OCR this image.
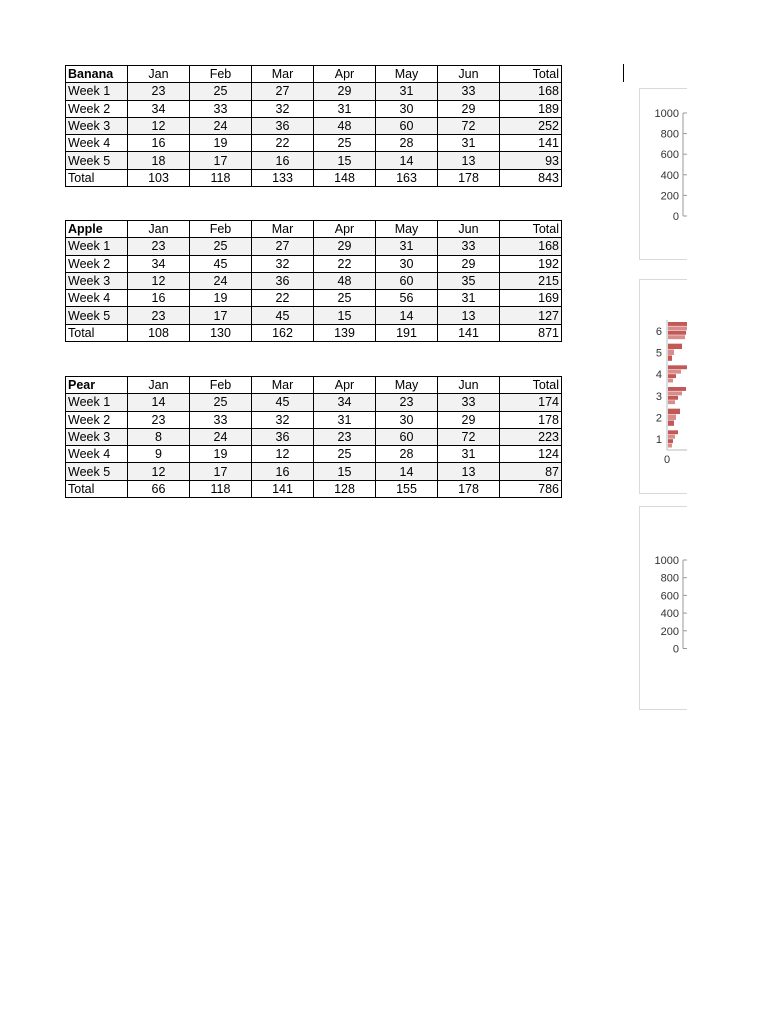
Banana	Jan	Feb	Mar	Apr	May	Jun	Total
Week 1	23	25	27	29	31	33	168
Week 2	34	33	32	31	30	29	189
Week 3	12	24	36	48	60	72	252
Week 4	16	19	22	25	28	31	141
Week 5	18	17	16	15	14	13	93
Total	103	118	133	148	163	178	843
Apple	Jan	Feb	Mar	Apr	May	Jun	Total
Week 1	23	25	27	29	31	33	168
Week 2	34	45	32	22	30	29	192
Week 3	12	24	36	48	60	35	215
Week 4	16	19	22	25	56	31	169
Week 5	23	17	45	15	14	13	127
Total	108	130	162	139	191	141	871
Pear	Jan	Feb	Mar	Apr	May	Jun	Total
Week 1	14	25	45	34	23	33	174
Week 2	23	33	32	31	30	29	178
Week 3	8	24	36	23	60	72	223
Week 4	9	19	12	25	28	31	124
Week 5	12	17	16	15	14	13	87
Total	66	118	141	128	155	178	786
1000
800
600
400
200
0
1
2
3
4
5
6
0
1000
800
600
400
200
0
